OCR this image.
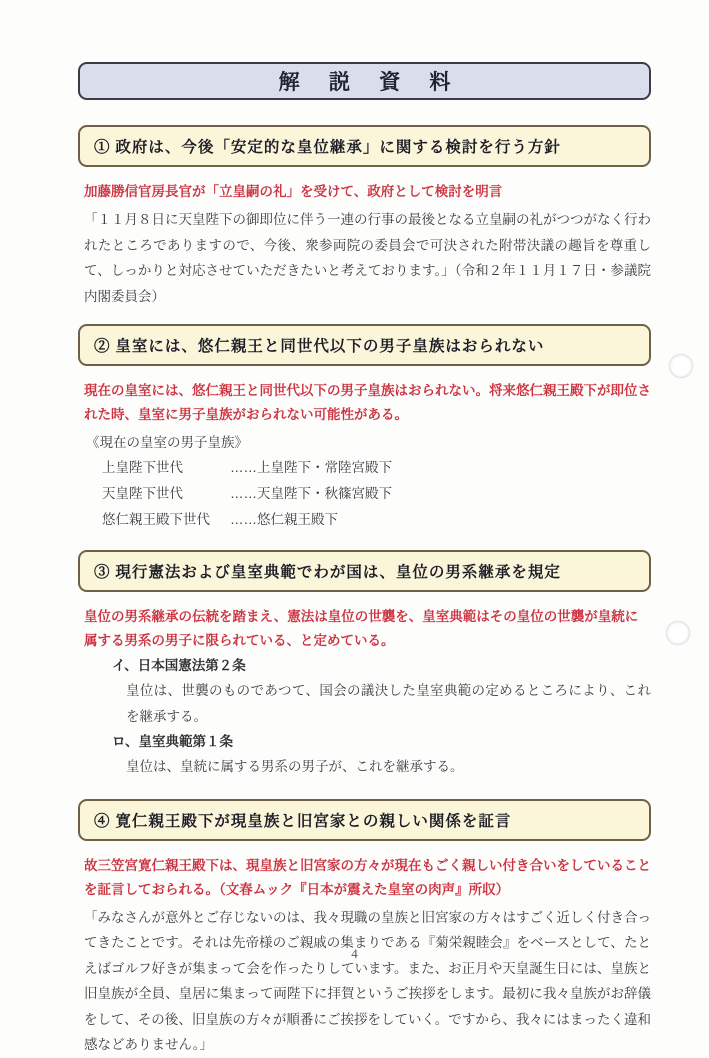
解 説 資 料
① 政府は、今後「安定的な皇位継承」に関する検討を行う方針
加藤勝信官房長官が「立皇嗣の礼」を受けて、政府として検討を明言
「１１月８日に天皇陛下の御即位に伴う一連の行事の最後となる立皇嗣の礼がつつがなく行われたところでありますので、今後、衆参両院の委員会で可決された附帯決議の趣旨を尊重して、しっかりと対応させていただきたいと考えております。」（令和２年１１月１７日・参議院内閣委員会）
② 皇室には、悠仁親王と同世代以下の男子皇族はおられない
現在の皇室には、悠仁親王と同世代以下の男子皇族はおられない。将来悠仁親王殿下が即位された時、皇室に男子皇族がおられない可能性がある。
《現在の皇室の男子皇族》
上皇陛下世代	……上皇陛下・常陸宮殿下
天皇陛下世代	……天皇陛下・秋篠宮殿下
悠仁親王殿下世代	……悠仁親王殿下
③ 現行憲法および皇室典範でわが国は、皇位の男系継承を規定
皇位の男系継承の伝統を踏まえ、憲法は皇位の世襲を、皇室典範はその皇位の世襲が皇統に属する男系の男子に限られている、と定めている。
イ、日本国憲法第２条
皇位は、世襲のものであつて、国会の議決した皇室典範の定めるところにより、これを継承する。
ロ、皇室典範第１条
皇位は、皇統に属する男系の男子が、これを継承する。
④ 寛仁親王殿下が現皇族と旧宮家との親しい関係を証言
故三笠宮寛仁親王殿下は、現皇族と旧宮家の方々が現在もごく親しい付き合いをしていることを証言しておられる。（文春ムック『日本が震えた皇室の肉声』所収）
「みなさんが意外とご存じないのは、我々現職の皇族と旧宮家の方々はすごく近しく付き合ってきたことです。それは先帝様のご親戚の集まりである『菊栄親睦会』をベースとして、たとえばゴルフ好きが集まって会を作ったりしています。また、お正月や天皇誕生日には、皇族と旧皇族が全員、皇居に集まって両陛下に拝賀というご挨拶をします。最初に我々皇族がお辞儀をして、その後、旧皇族の方々が順番にご挨拶をしていく。ですから、我々にはまったく違和感などありません。」
4
